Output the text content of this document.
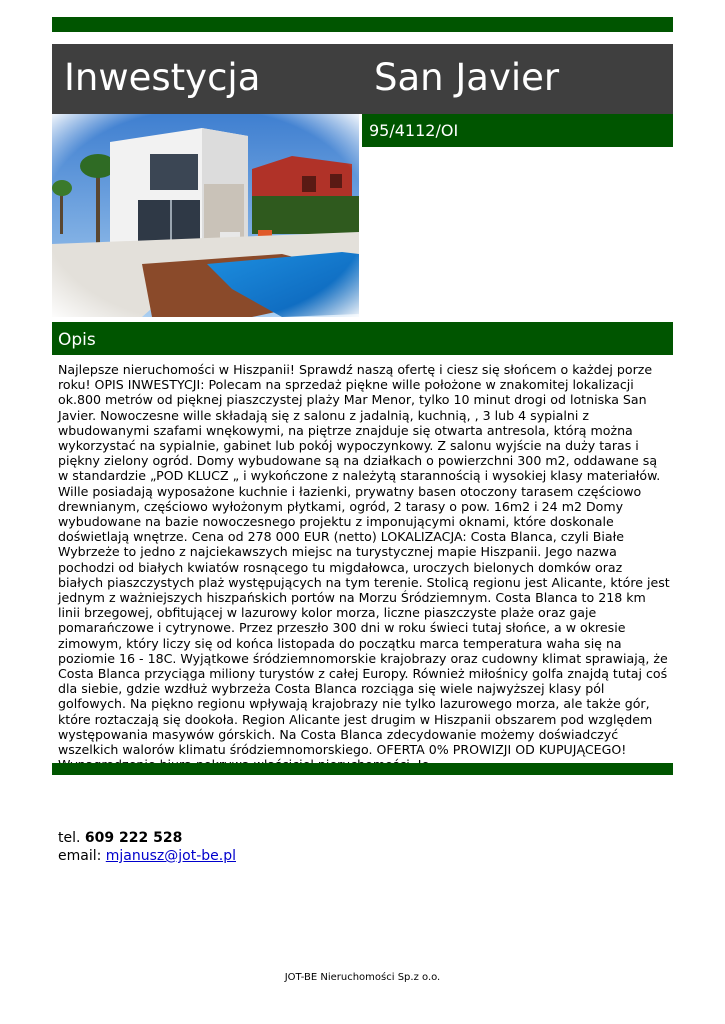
Inwestycja	San Javier
95/4112/OI
Opis

Najlepsze nieruchomości w Hiszpanii! Sprawdź naszą ofertę i ciesz się słońcem o każdej porze roku! OPIS INWESTYCJI: Polecam na sprzedaż piękne wille położone w znakomitej lokalizacji ok.800 metrów od pięknej piaszczystej plaży Mar Menor, tylko 10 minut drogi od lotniska San Javier. Nowoczesne wille składają się z salonu z jadalnią, kuchnią, , 3 lub 4 sypialni z wbudowanymi szafami wnękowymi, na piętrze znajduje się otwarta antresola, którą można wykorzystać na sypialnie, gabinet lub pokój wypoczynkowy. Z salonu wyjście na duży taras i piękny zielony ogród. Domy wybudowane są na działkach o powierzchni 300 m2, oddawane są w standardzie „POD KLUCZ „ i wykończone z należytą starannością i wysokiej klasy materiałów. Wille posiadają wyposażone kuchnie i łazienki, prywatny basen otoczony tarasem częściowo drewnianym, częściowo wyłożonym płytkami, ogród, 2 tarasy o pow. 16m2 i 24 m2 Domy wybudowane na bazie nowoczesnego projektu z imponującymi oknami, które doskonale doświetlają wnętrze. Cena od 278 000 EUR (netto) LOKALIZACJA: Costa Blanca, czyli Białe Wybrzeże to jedno z najciekawszych miejsc na turystycznej mapie Hiszpanii. Jego nazwa pochodzi od białych kwiatów rosnącego tu migdałowca, uroczych bielonych domków oraz białych piaszczystych plaż występujących na tym terenie. Stolicą regionu jest Alicante, które jest jednym z ważniejszych hiszpańskich portów na Morzu Śródziemnym. Costa Blanca to 218 km linii brzegowej, obfitującej w lazurowy kolor morza, liczne piaszczyste plaże oraz gaje pomarańczowe i cytrynowe. Przez przeszło 300 dni w roku świeci tutaj słońce, a w okresie zimowym, który liczy się od końca listopada do początku marca temperatura waha się na poziomie 16 - 18C. Wyjątkowe śródziemnomorskie krajobrazy oraz cudowny klimat sprawiają, że Costa Blanca przyciąga miliony turystów z całej Europy. Również miłośnicy golfa znajdą tutaj coś dla siebie, gdzie wzdłuż wybrzeża Costa Blanca rozciąga się wiele najwyższej klasy pól golfowych. Na piękno regionu wpływają krajobrazy nie tylko lazurowego morza, ale także gór, które roztaczają się dookoła. Region Alicante jest drugim w Hiszpanii obszarem pod względem występowania masywów górskich. Na Costa Blanca zdecydowanie możemy doświadczyć wszelkich walorów klimatu śródziemnomorskiego. OFERTA 0% PROWIZJI OD KUPUJĄCEGO!

tel. 609 222 528
email: mjanusz@jot-be.pl
JOT-BE Nieruchomości Sp.z o.o.
